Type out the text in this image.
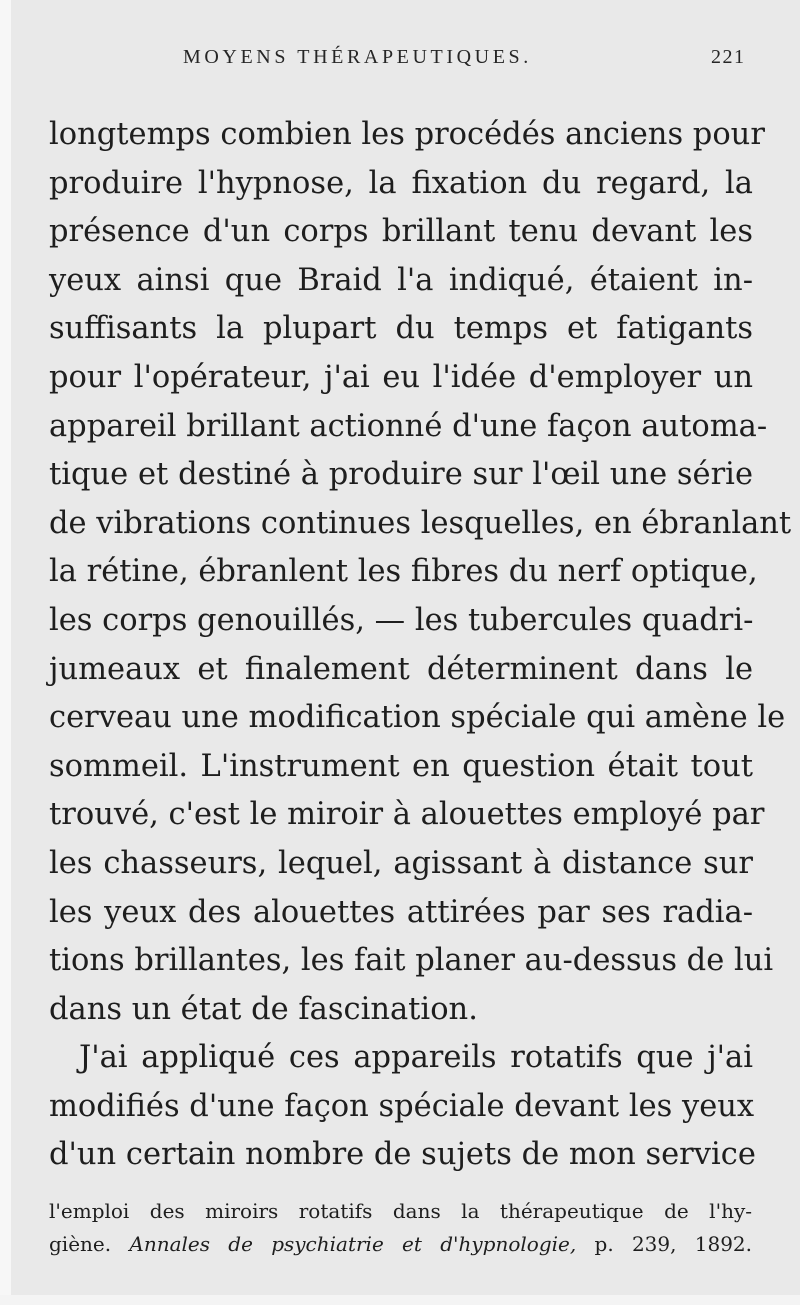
MOYENS THÉRAPEUTIQUES.	221
longtemps combien les procédés anciens pour
produire l'hypnose, la fixation du regard, la
présence d'un corps brillant tenu devant les
yeux ainsi que Braid l'a indiqué, étaient in-
suffisants la plupart du temps et fatigants
pour l'opérateur, j'ai eu l'idée d'employer un
appareil brillant actionné d'une façon automa-
tique et destiné à produire sur l'œil une série
de vibrations continues lesquelles, en ébranlant
la rétine, ébranlent les fibres du nerf optique,
les corps genouillés, — les tubercules quadri-
jumeaux et finalement déterminent dans le
cerveau une modification spéciale qui amène le
sommeil. L'instrument en question était tout
trouvé, c'est le miroir à alouettes employé par
les chasseurs, lequel, agissant à distance sur
les yeux des alouettes attirées par ses radia-
tions brillantes, les fait planer au-dessus de lui
dans un état de fascination.
J'ai appliqué ces appareils rotatifs que j'ai
modifiés d'une façon spéciale devant les yeux
d'un certain nombre de sujets de mon service
l'emploi des miroirs rotatifs dans la thérapeutique de l'hy-
giène. Annales de psychiatrie et d'hypnologie, p. 239, 1892.
